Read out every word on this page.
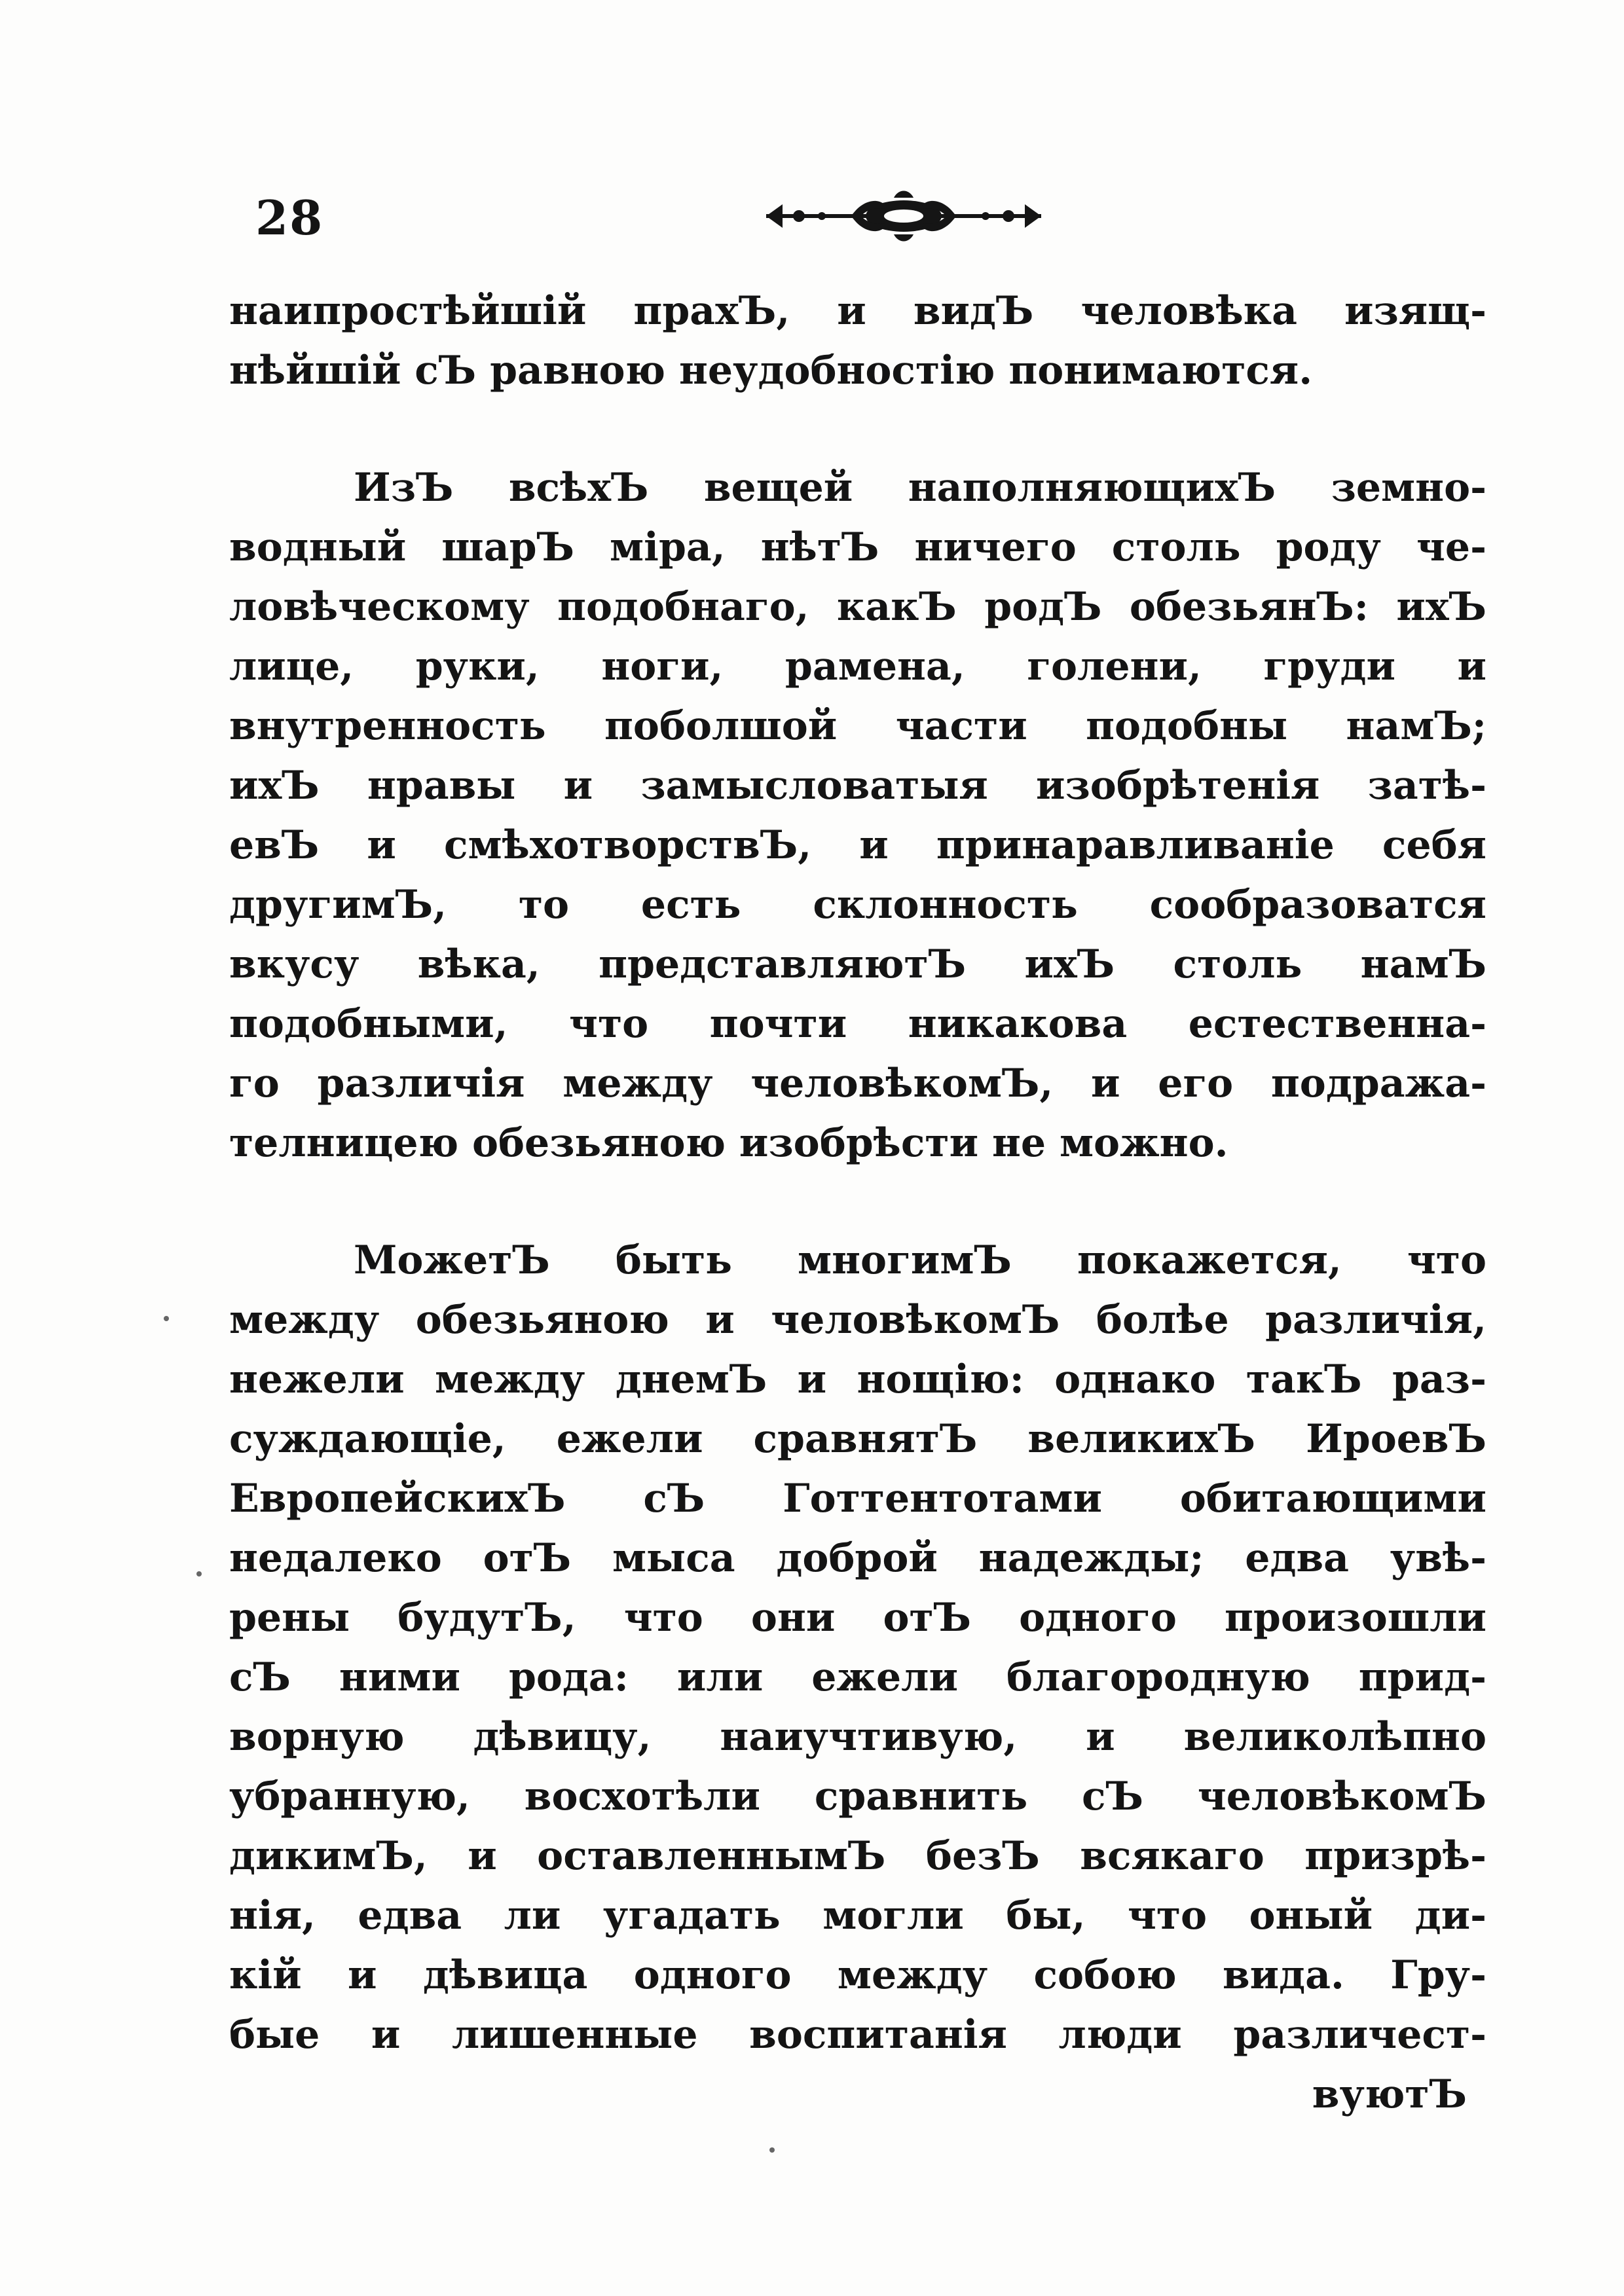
28
наипростѣйшій прахЪ, и видЪ человѣка изящ-
нѣйшій сЪ равною неудобностію понимаются.
ИзЪ всѣхЪ вещей наполняющихЪ земно-
водный шарЪ міра, нѣтЪ ничего столь роду че-
ловѣческому подобнаго, какЪ родЪ обезьянЪ: ихЪ
лице, руки, ноги, рамена, голени, груди и
внутренность поболшой части подобны намЪ;
ихЪ нравы и замысловатыя изобрѣтенія затѣ-
евЪ и смѣхотворствЪ, и принаравливаніе себя
другимЪ, то есть склонность сообразоватся
вкусу вѣка, представляютЪ ихЪ столь намЪ
подобными, что почти никакова естественна-
го различія между человѣкомЪ, и его подража-
телницею обезьяною изобрѣсти не можно.
МожетЪ быть многимЪ покажется, что
между обезьяною и человѣкомЪ болѣе различія,
нежели между днемЪ и нощію: однако такЪ раз-
суждающіе, ежели сравнятЪ великихЪ ИроевЪ
ЕвропейскихЪ сЪ Готтентотами обитающими
недалеко отЪ мыса доброй надежды; едва увѣ-
рены будутЪ, что они отЪ одного произошли
сЪ ними рода: или ежели благородную прид-
ворную дѣвицу, наиучтивую, и великолѣпно
убранную, восхотѣли сравнить сЪ человѣкомЪ
дикимЪ, и оставленнымЪ безЪ всякаго призрѣ-
нія, едва ли угадать могли бы, что оный ди-
кій и дѣвица одного между собою вида. Гру-
бые и лишенные воспитанія люди различест-
вуютЪ
